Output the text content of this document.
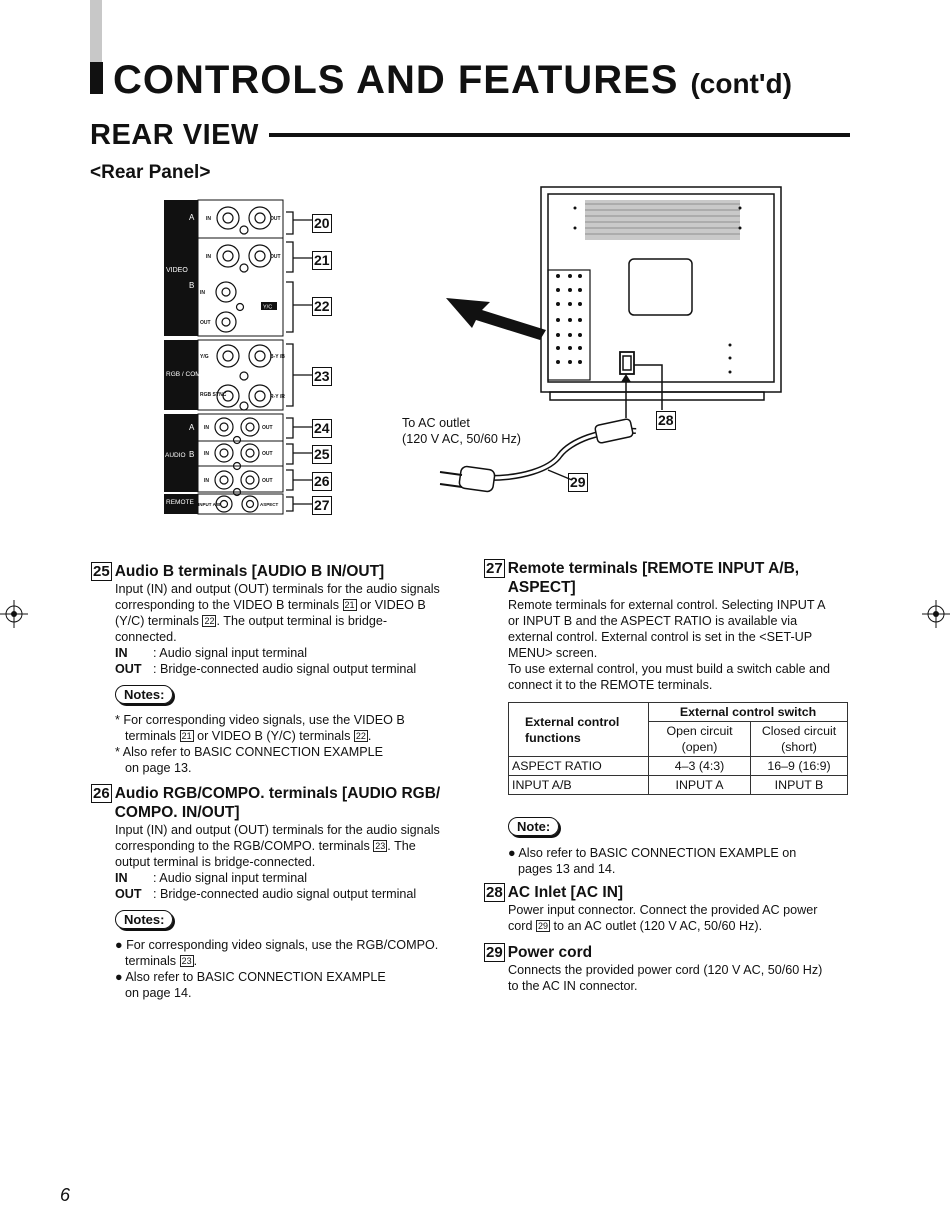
CONTROLS AND FEATURES (cont'd)
REAR VIEW
<Rear Panel>
A
VIDEO
B
RGB / COMPO.
A
AUDIO B
REMOTE
IN	OUT
IN	OUT
IN
OUT
Y/G	B-Y /B
RGB SYNC	R-Y /R
IN	OUT
IN	OUT
IN	OUT
INPUT A/B	ASPECT
Y/C
20
21
22
23
24
25
26
27
To AC outlet
(120 V AC, 50/60 Hz)
28
29
25 Audio B terminals [AUDIO B IN/OUT]
Input (IN) and output (OUT) terminals for the audio signals
corresponding to the VIDEO B terminals 21 or VIDEO B
(Y/C) terminals 22 . The output terminal is bridge-
connected.
IN	: Audio signal input terminal
OUT : Bridge-connected audio signal output terminal
Notes:
* For corresponding video signals, use the VIDEO B
terminals 21 or VIDEO B (Y/C) terminals 22 .
* Also refer to BASIC CONNECTION EXAMPLE
on page 13.
26 Audio RGB/COMPO. terminals [AUDIO RGB/
COMPO. IN/OUT]
Input (IN) and output (OUT) terminals for the audio signals
corresponding to the RGB/COMPO. terminals 23 . The
output terminal is bridge-connected.
IN	: Audio signal input terminal
OUT : Bridge-connected audio signal output terminal
Notes:
● For corresponding video signals, use the RGB/COMPO.
terminals 23 .
● Also refer to BASIC CONNECTION EXAMPLE
on page 14.
27 Remote terminals [REMOTE INPUT A/B,
ASPECT]
Remote terminals for external control. Selecting INPUT A
or INPUT B and the ASPECT RATIO is available via
external control. External control is set in the <SET-UP
MENU> screen.
To use external control, you must build a switch cable and
connect it to the REMOTE terminals.
External control functions	External control switch	
	Open circuit (open)	Closed circuit (short)
ASPECT RATIO	4–3 (4:3)	16–9 (16:9)
INPUT A/B	INPUT A	INPUT B
Note:
● Also refer to BASIC CONNECTION EXAMPLE on
pages 13 and 14.
28 AC Inlet [AC IN]
Power input connector. Connect the provided AC power
cord 29 to an AC outlet (120 V AC, 50/60 Hz).
29 Power cord
Connects the provided power cord (120 V AC, 50/60 Hz)
to the AC IN connector.
6
